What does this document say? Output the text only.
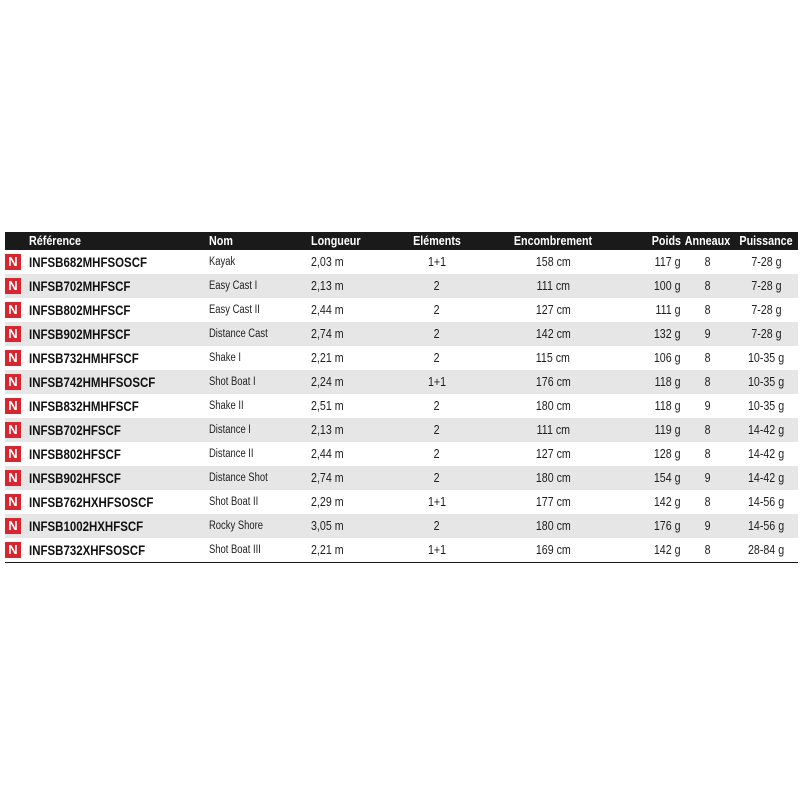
	Référence	Nom	Longueur	Eléments	Encombrement	Poids	Anneaux	Puissance
N	INFSB682MHFSOSCF	Kayak	2,03 m	1+1	158 cm	117 g	8	7-28 g
N	INFSB702MHFSCF	Easy Cast I	2,13 m	2	111 cm	100 g	8	7-28 g
N	INFSB802MHFSCF	Easy Cast II	2,44 m	2	127 cm	111 g	8	7-28 g
N	INFSB902MHFSCF	Distance Cast	2,74 m	2	142 cm	132 g	9	7-28 g
N	INFSB732HMHFSCF	Shake I	2,21 m	2	115 cm	106 g	8	10-35 g
N	INFSB742HMHFSOSCF	Shot Boat I	2,24 m	1+1	176 cm	118 g	8	10-35 g
N	INFSB832HMHFSCF	Shake II	2,51 m	2	180 cm	118 g	9	10-35 g
N	INFSB702HFSCF	Distance I	2,13 m	2	111 cm	119 g	8	14-42 g
N	INFSB802HFSCF	Distance II	2,44 m	2	127 cm	128 g	8	14-42 g
N	INFSB902HFSCF	Distance Shot	2,74 m	2	180 cm	154 g	9	14-42 g
N	INFSB762HXHFSOSCF	Shot Boat II	2,29 m	1+1	177 cm	142 g	8	14-56 g
N	INFSB1002HXHFSCF	Rocky Shore	3,05 m	2	180 cm	176 g	9	14-56 g
N	INFSB732XHFSOSCF	Shot Boat III	2,21 m	1+1	169 cm	142 g	8	28-84 g
